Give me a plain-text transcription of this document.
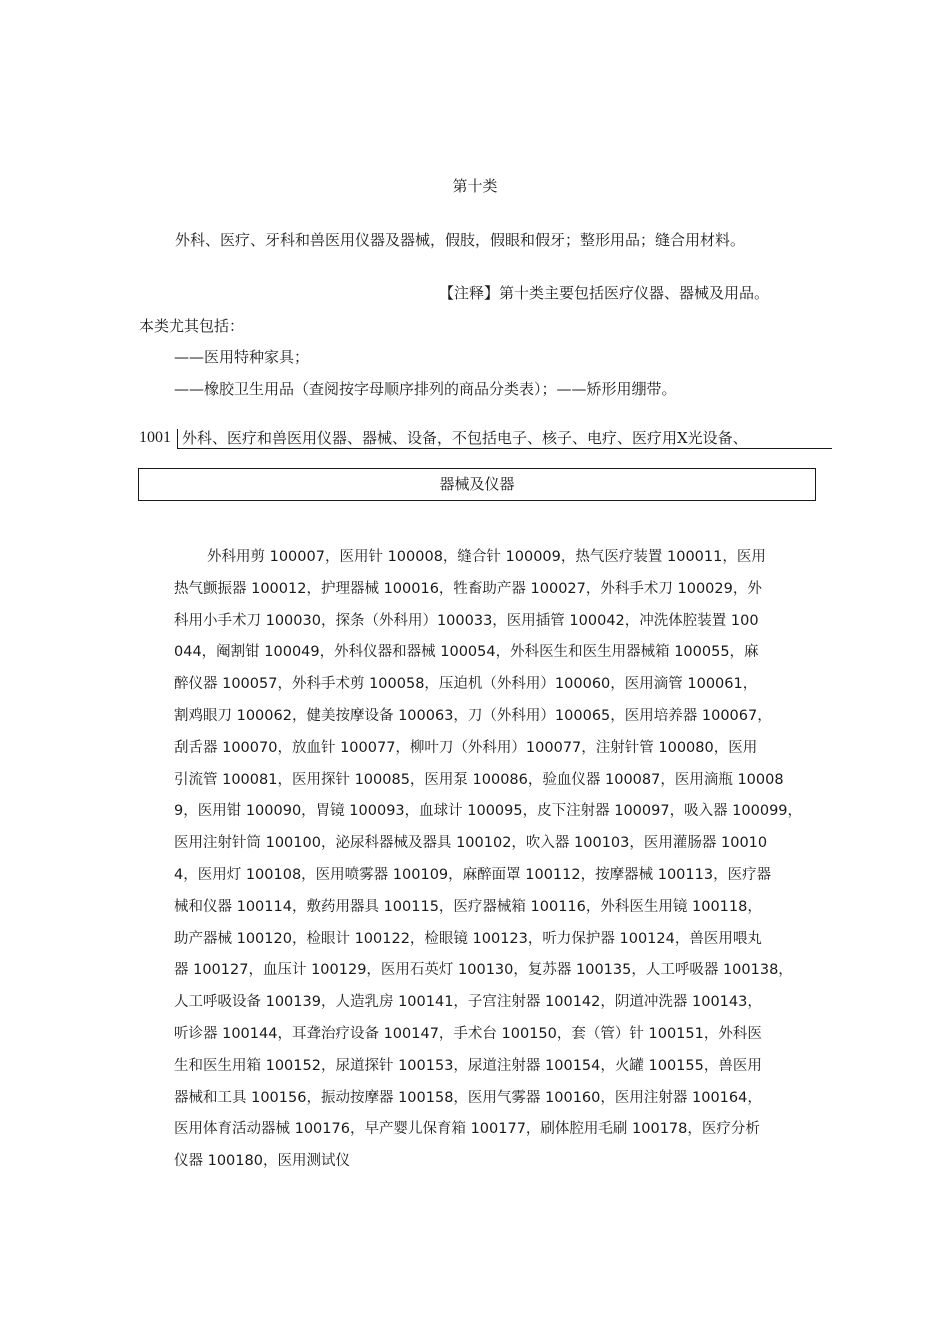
第十类
外科、医疗、牙科和兽医用仪器及器械，假肢，假眼和假牙；整形用品；缝合用材料。
【注释】第十类主要包括医疗仪器、器械及用品。
本类尤其包括：
——医用特种家具；
——橡胶卫生用品（查阅按字母顺序排列的商品分类表）；——矫形用绷带。
1001 外科、医疗和兽医用仪器、器械、设备，不包括电子、核子、电疗、医疗用X光设备、
器械及仪器
外科用剪 100007，医用针 100008，缝合针 100009，热气医疗装置 100011，医用
热气颤振器 100012，护理器械 100016，牲畜助产器 100027，外科手术刀 100029，外
科用小手术刀 100030，探条（外科用）100033，医用插管 100042，冲洗体腔装置 100
044，阉割钳 100049，外科仪器和器械 100054，外科医生和医生用器械箱 100055，麻
醉仪器 100057，外科手术剪 100058，压迫机（外科用）100060，医用滴管 100061，
割鸡眼刀 100062，健美按摩设备 100063，刀（外科用）100065，医用培养器 100067，
刮舌器 100070，放血针 100077，柳叶刀（外科用）100077，注射针管 100080，医用
引流管 100081，医用探针 100085，医用泵 100086，验血仪器 100087，医用滴瓶 10008
9，医用钳 100090，胃镜 100093，血球计 100095，皮下注射器 100097，吸入器 100099，
医用注射针筒 100100，泌尿科器械及器具 100102，吹入器 100103，医用灌肠器 10010
4，医用灯 100108，医用喷雾器 100109，麻醉面罩 100112，按摩器械 100113，医疗器
械和仪器 100114，敷药用器具 100115，医疗器械箱 100116，外科医生用镜 100118，
助产器械 100120，检眼计 100122，检眼镜 100123，听力保护器 100124，兽医用喂丸
器 100127，血压计 100129，医用石英灯 100130，复苏器 100135，人工呼吸器 100138，
人工呼吸设备 100139，人造乳房 100141，子宫注射器 100142，阴道冲洗器 100143，
听诊器 100144，耳聋治疗设备 100147，手术台 100150，套（管）针 100151，外科医
生和医生用箱 100152，尿道探针 100153，尿道注射器 100154，火罐 100155，兽医用
器械和工具 100156，振动按摩器 100158，医用气雾器 100160，医用注射器 100164，
医用体育活动器械 100176，早产婴儿保育箱 100177，刷体腔用毛刷 100178，医疗分析
仪器 100180，医用测试仪
